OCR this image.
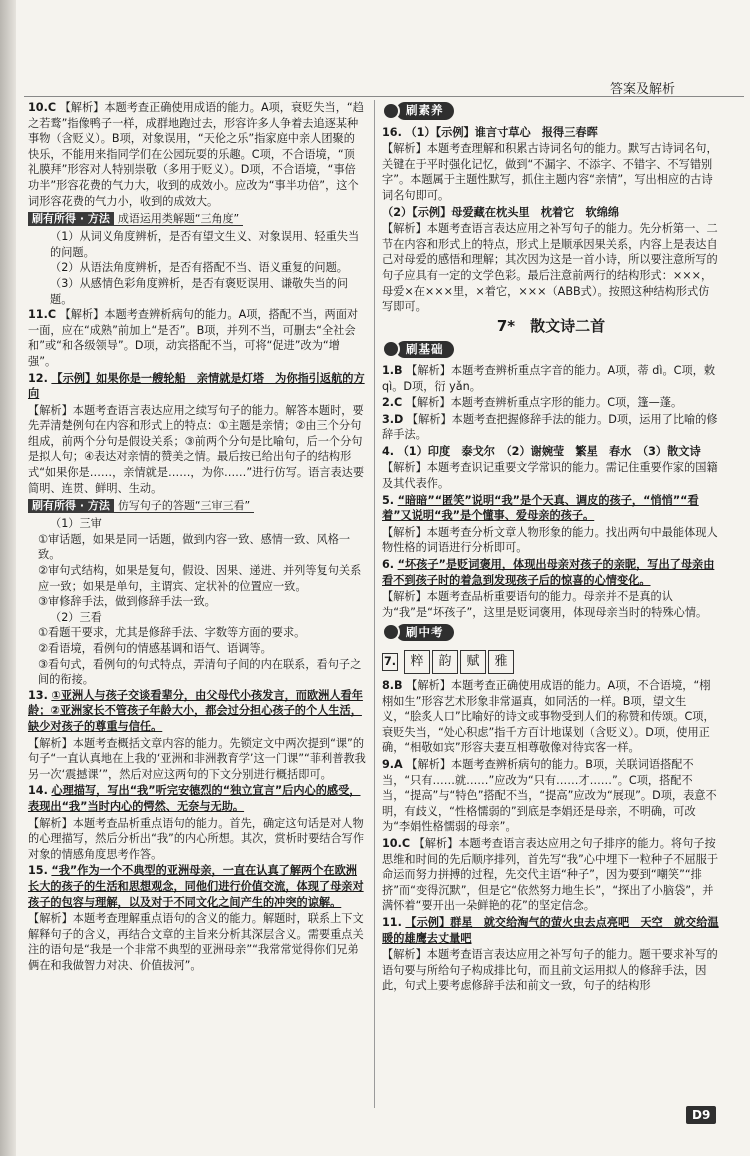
答案及解析

10.C 【解析】本题考查正确使用成语的能力。A项，衰贬失当，“趋之若鹜”指像鸭子一样，成群地跑过去，形容许多人争着去追逐某种事物（含贬义）。B项，对象误用，“天伦之乐”指家庭中亲人团聚的快乐，不能用来指同学们在公园玩耍的乐趣。C项，不合语境，“顶礼膜拜”形容对人特别崇敬（多用于贬义）。D项，不合语境，“事倍功半”形容花费的气力大，收到的成效小。应改为“事半功倍”，这个词形容花费的气力小，收到的成效大。

刷有所得 · 方法 成语运用类解题“三角度”

（1）从词义角度辨析，是否有望文生义、对象误用、轻重失当的问题。

（2）从语法角度辨析，是否有搭配不当、语义重复的问题。

（3）从感情色彩角度辨析，是否有褒贬误用、谦敬失当的问题。

11.C 【解析】本题考查辨析病句的能力。A项，搭配不当，两面对一面，应在“成熟”前加上“是否”。B项，并列不当，可删去“全社会和”或“和各级领导”。D项，动宾搭配不当，可将“促进”改为“增强”。

12. 【示例】如果你是一艘轮船　亲情就是灯塔　为你指引返航的方向

【解析】本题考查语言表达应用之续写句子的能力。解答本题时，要先弄清楚例句在内容和形式上的特点：①主题是亲情；②由三个分句组成，前两个分句是假设关系；③前两个分句是比喻句，后一个分句是拟人句；④表达对亲情的赞美之情。最后按已给出句子的结构形式“如果你是……，亲情就是……，为你……”进行仿写。语言表达要简明、连贯、鲜明、生动。

刷有所得 · 方法 仿写句子的答题“三审三看”

（1）三审

①审话题，如果是同一话题，做到内容一致、感情一致、风格一致。

②审句式结构，如果是复句，假设、因果、递进、并列等复句关系应一致；如果是单句，主谓宾、定状补的位置应一致。

③审修辞手法，做到修辞手法一致。

（2）三看

①看题干要求，尤其是修辞手法、字数等方面的要求。

②看语境，看例句的情感基调和语气、语调等。

③看句式，看例句的句式特点，弄清句子间的内在联系，看句子之间的衔接。

13. ①亚洲人与孩子交谈看辈分，由父母代小孩发言，而欧洲人看年龄；②亚洲家长不管孩子年龄大小，都会过分担心孩子的个人生活，缺少对孩子的尊重与信任。

【解析】本题考查概括文章内容的能力。先锁定文中两次提到“课”的句子“一直认真地在上我的‘亚洲和非洲教育学’这一门课”“菲利普教我另一次‘震撼课’”，然后对应这两句的下文分别进行概括即可。

14. 心理描写，写出“我”听完安德烈的“独立宣言”后内心的感受，表现出“我”当时内心的愕然、无奈与无助。

【解析】本题考查品析重点语句的能力。首先，确定这句话是对人物的心理描写，然后分析出“我”的内心所想。其次，赏析时要结合写作对象的情感角度思考作答。

15. “我”作为一个不典型的亚洲母亲，一直在认真了解两个在欧洲长大的孩子的生活和思想观念，同他们进行价值交流，体现了母亲对孩子的包容与理解，以及对于不同文化之间产生的冲突的谅解。

【解析】本题考查理解重点语句的含义的能力。解题时，联系上下文解释句子的含义，再结合文章的主旨来分析其深层含义。需要重点关注的语句是“我是一个非常不典型的亚洲母亲”“我常常觉得你们兄弟俩在和我做智力对决、价值拔河”。

刷素养

16. （1）【示例】谁言寸草心　报得三春晖

【解析】本题考查理解和积累古诗词名句的能力。默写古诗词名句，关键在于平时强化记忆，做到“不漏字、不添字、不错字、不写错别字”。本题属于主题性默写，抓住主题内容“亲情”，写出相应的古诗词名句即可。

（2）【示例】母爱藏在枕头里　枕着它　软绵绵

【解析】本题考查语言表达应用之补写句子的能力。先分析第一、二节在内容和形式上的特点，形式上是顺承因果关系，内容上是表达自己对母爱的感悟和理解；其次因为这是一首小诗，所以要注意所写的句子应具有一定的文学色彩。最后注意前两行的结构形式：×××，母爱×在×××里，×着它，×××（ABB式）。按照这种结构形式仿写即可。

7*　散文诗二首
刷基础

1.B 【解析】本题考查辨析重点字音的能力。A项，蒂 dì。C项，敕 qì。D项，衍 yǎn。

2.C 【解析】本题考查辨析重点字形的能力。C项，篷—蓬。

3.D 【解析】本题考查把握修辞手法的能力。D项，运用了比喻的修辞手法。

4. （1）印度　泰戈尔　（2）谢婉莹　繁星　春水　（3）散文诗

【解析】本题考查识记重要文学常识的能力。需记住重要作家的国籍及其代表作。

5. “暗暗”“匿笑”说明“我”是个天真、调皮的孩子，“悄悄”“看着”又说明“我”是个懂事、爱母亲的孩子。

【解析】本题考查分析文章人物形象的能力。找出两句中最能体现人物性格的词语进行分析即可。

6. “坏孩子”是贬词褒用，体现出母亲对孩子的亲昵，写出了母亲由看不到孩子时的着急到发现孩子后的惊喜的心情变化。

【解析】本题考查品析重要语句的能力。母亲并不是真的认为“我”是“坏孩子”，这里是贬词褒用，体现母亲当时的特殊心情。

刷中考
7.	粹	韵	赋	雅

8.B 【解析】本题考查正确使用成语的能力。A项，不合语境，“栩栩如生”形容艺术形象非常逼真，如同活的一样。B项，望文生义，“脍炙人口”比喻好的诗文或事物受到人们的称赞和传颂。C项，衰贬失当，“处心积虑”指千方百计地谋划（含贬义）。D项，使用正确，“相敬如宾”形容夫妻互相尊敬像对待宾客一样。

9.A 【解析】本题考查辨析病句的能力。B项，关联词语搭配不当，“只有……就……”应改为“只有……才……”。C项，搭配不当，“提高”与“特色”搭配不当，“提高”应改为“展现”。D项，表意不明，有歧义，“性格懦弱的”到底是李娟还是母亲，不明确，可改为“李娟性格懦弱的母亲”。

10.C 【解析】本题考查语言表达应用之句子排序的能力。将句子按思维和时间的先后顺序排列，首先写“我”心中埋下一粒种子不屈服于命运而努力拼搏的过程，先交代主语“种子”，因为要到“嘲笑”“排挤”而“变得沉默”，但是它“依然努力地生长”，“探出了小脑袋”，并满怀着“要开出一朵鲜艳的花”的坚定信念。

11. 【示例】群星　就交给淘气的萤火虫去点亮吧　天空　就交给温暖的雄鹰去丈量吧

【解析】本题考查语言表达应用之补写句子的能力。题干要求补写的语句要与所给句子构成排比句，而且前文运用拟人的修辞手法，因此，句式上要考虑修辞手法和前文一致，句子的结构形

D9
